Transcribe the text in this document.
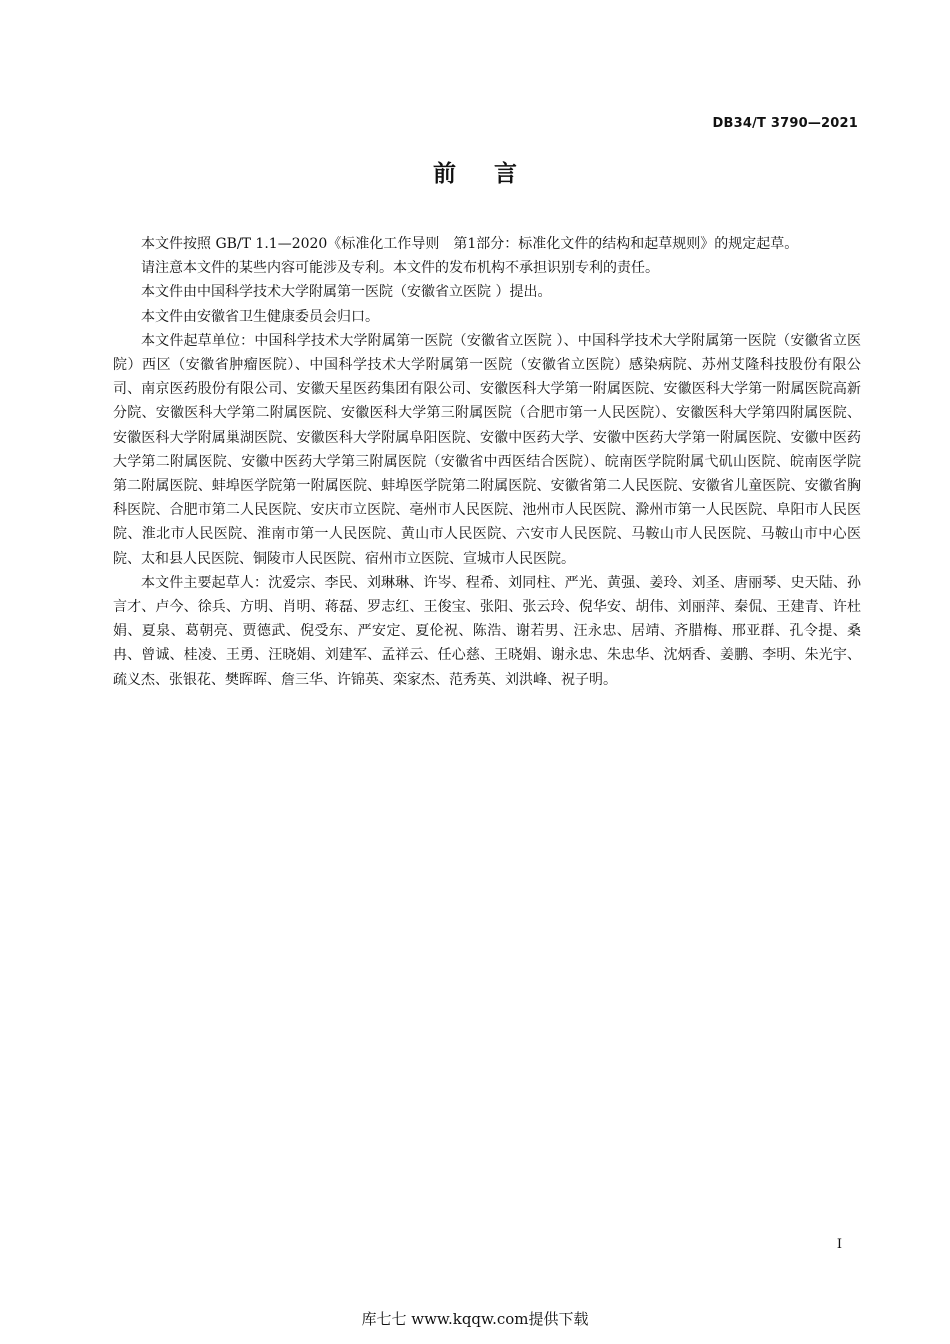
DB34/T 3790—2021
前言

本文件按照 GB/T 1.1—2020《标准化工作导则　第1部分：标准化文件的结构和起草规则》的规定起草。

请注意本文件的某些内容可能涉及专利。本文件的发布机构不承担识别专利的责任。

本文件由中国科学技术大学附属第一医院（安徽省立医院 ）提出。

本文件由安徽省卫生健康委员会归口。

本文件起草单位：中国科学技术大学附属第一医院（安徽省立医院 ）、中国科学技术大学附属第一医院（安徽省立医院）西区（安徽省肿瘤医院）、中国科学技术大学附属第一医院（安徽省立医院）感染病院、苏州艾隆科技股份有限公司、南京医药股份有限公司、安徽天星医药集团有限公司、安徽医科大学第一附属医院、安徽医科大学第一附属医院高新分院、安徽医科大学第二附属医院、安徽医科大学第三附属医院（合肥市第一人民医院）、安徽医科大学第四附属医院、安徽医科大学附属巢湖医院、安徽医科大学附属阜阳医院、安徽中医药大学、安徽中医药大学第一附属医院、安徽中医药大学第二附属医院、安徽中医药大学第三附属医院（安徽省中西医结合医院）、皖南医学院附属弋矶山医院、皖南医学院第二附属医院、蚌埠医学院第一附属医院、蚌埠医学院第二附属医院、安徽省第二人民医院、安徽省儿童医院、安徽省胸科医院、合肥市第二人民医院、安庆市立医院、亳州市人民医院、池州市人民医院、滁州市第一人民医院、阜阳市人民医院、淮北市人民医院、淮南市第一人民医院、黄山市人民医院、六安市人民医院、马鞍山市人民医院、马鞍山市中心医院、太和县人民医院、铜陵市人民医院、宿州市立医院、宣城市人民医院。

本文件主要起草人：沈爱宗、李民、刘琳琳、许岑、程希、刘同柱、严光、黄强、姜玲、刘圣、唐丽琴、史天陆、孙言才、卢今、徐兵、方明、肖明、蒋磊、罗志红、王俊宝、张阳、张云玲、倪华安、胡伟、刘丽萍、秦侃、王建青、许杜娟、夏泉、葛朝亮、贾德武、倪受东、严安定、夏伦祝、陈浩、谢若男、汪永忠、居靖、齐腊梅、邢亚群、孔令提、桑冉、曾诚、桂凌、王勇、汪晓娟、刘建军、孟祥云、任心慈、王晓娟、谢永忠、朱忠华、沈炳香、姜鹏、李明、朱光宇、疏义杰、张银花、樊晖晖、詹三华、许锦英、栾家杰、范秀英、刘洪峰、祝子明。

I
库七七 www.kqqw.com提供下载
